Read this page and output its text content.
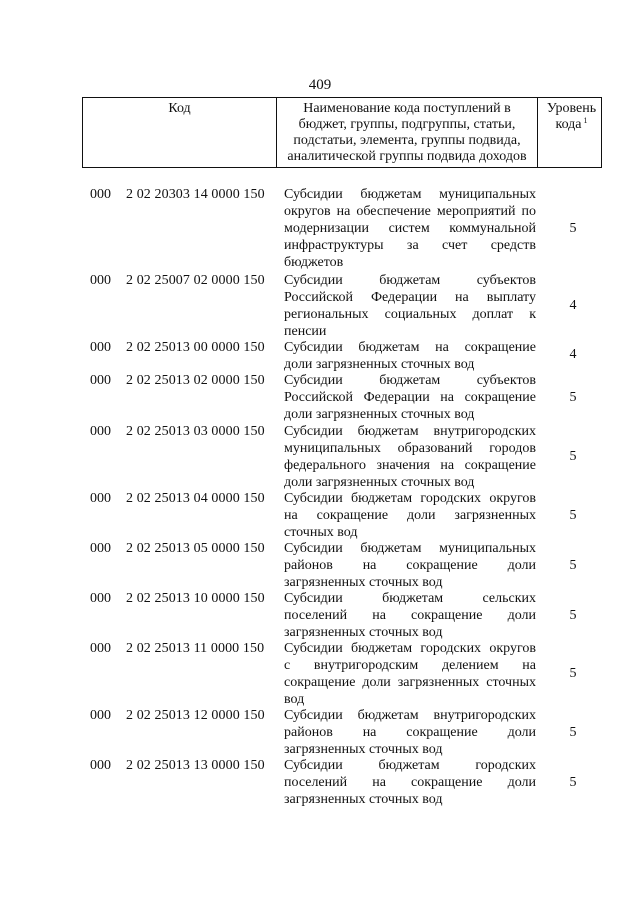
409
Код	Наименование кода поступлений в
бюджет, группы, подгруппы, статьи,
подстатьи, элемента, группы подвида,
аналитической группы подвида доходов
Уровень
кода $^1$
000 2 02 20303 14 0000 150 Субсидии бюджетам муниципальных
округов на обеспечение мероприятий по
модернизации систем коммунальной
инфраструктуры за счет средств
бюджетов
5
000 2 02 25007 02 0000 150 Субсидии бюджетам субъектов
Российской Федерации на выплату
региональных социальных доплат к
пенсии
4
000 2 02 25013 00 0000 150 Субсидии бюджетам на сокращение
доли загрязненных сточных вод
4
000 2 02 25013 02 0000 150 Субсидии бюджетам субъектов
Российской Федерации на сокращение
доли загрязненных сточных вод
5
000 2 02 25013 03 0000 150 Субсидии бюджетам внутригородских
муниципальных образований городов
федерального значения на сокращение
доли загрязненных сточных вод
5
000 2 02 25013 04 0000 150 Субсидии бюджетам городских округов
на сокращение доли загрязненных
сточных вод
5
000 2 02 25013 05 0000 150 Субсидии бюджетам муниципальных
районов на сокращение доли
загрязненных сточных вод
5
000 2 02 25013 10 0000 150 Субсидии бюджетам сельских
поселений на сокращение доли
загрязненных сточных вод
5
000 2 02 25013 11 0000 150 Субсидии бюджетам городских округов
с внутригородским делением на
сокращение доли загрязненных сточных
вод
5
000 2 02 25013 12 0000 150 Субсидии бюджетам внутригородских
районов на сокращение доли
загрязненных сточных вод
5
000 2 02 25013 13 0000 150 Субсидии бюджетам городских
поселений на сокращение доли
загрязненных сточных вод
5
